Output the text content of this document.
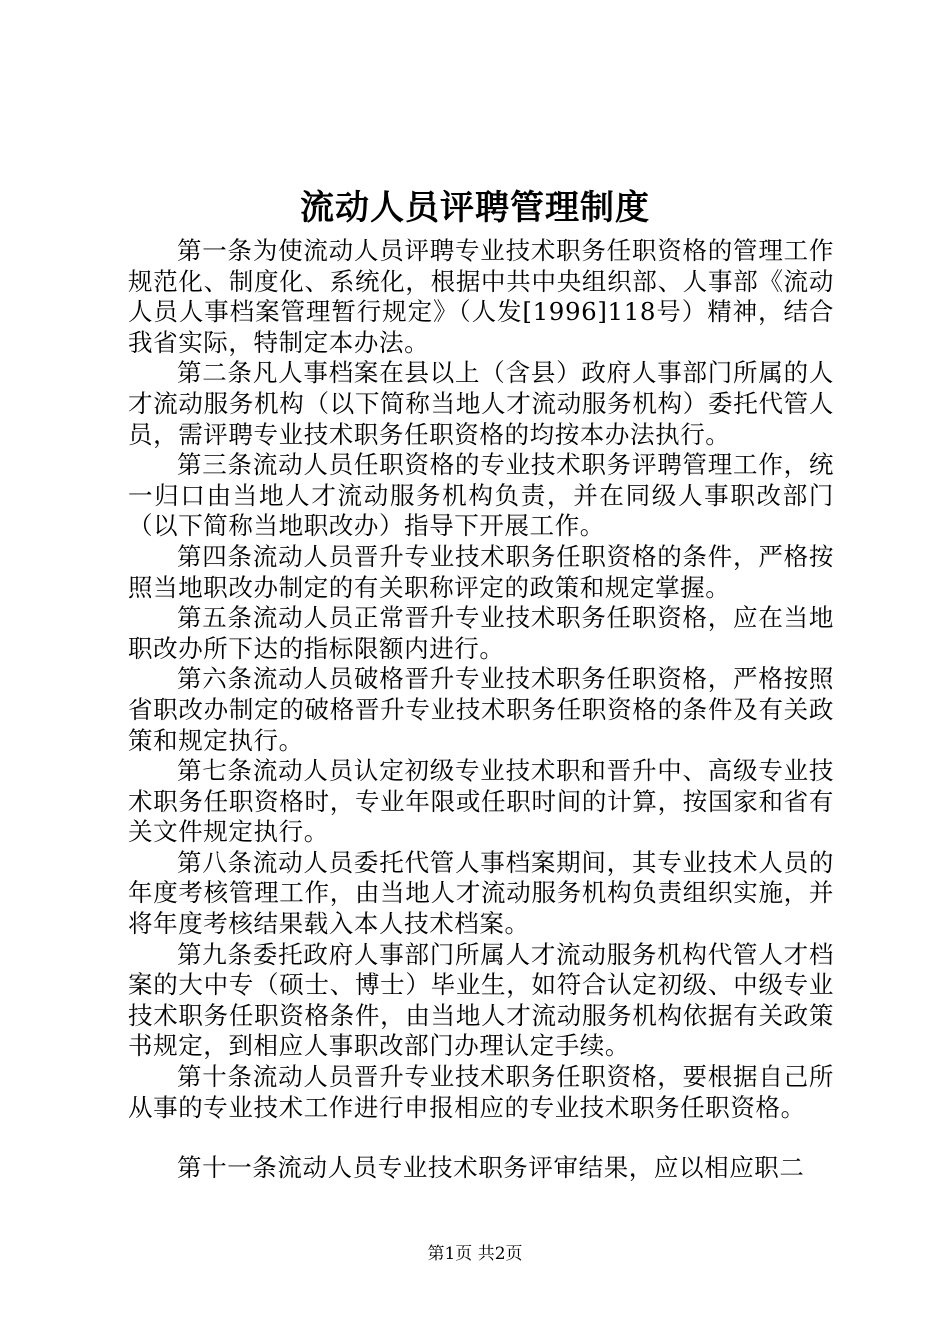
流动人员评聘管理制度

第一条为使流动人员评聘专业技术职务任职资格的管理工作规范化、制度化、系统化，根据中共中央组织部、人事部《流动人员人事档案管理暂行规定》（人发[1996]118号）精神，结合我省实际，特制定本办法。

第二条凡人事档案在县以上（含县）政府人事部门所属的人才流动服务机构（以下简称当地人才流动服务机构）委托代管人员，需评聘专业技术职务任职资格的均按本办法执行。

第三条流动人员任职资格的专业技术职务评聘管理工作，统一归口由当地人才流动服务机构负责，并在同级人事职改部门（以下简称当地职改办）指导下开展工作。

第四条流动人员晋升专业技术职务任职资格的条件，严格按照当地职改办制定的有关职称评定的政策和规定掌握。

第五条流动人员正常晋升专业技术职务任职资格，应在当地职改办所下达的指标限额内进行。

第六条流动人员破格晋升专业技术职务任职资格，严格按照省职改办制定的破格晋升专业技术职务任职资格的条件及有关政策和规定执行。

第七条流动人员认定初级专业技术职和晋升中、高级专业技术职务任职资格时，专业年限或任职时间的计算，按国家和省有关文件规定执行。

第八条流动人员委托代管人事档案期间，其专业技术人员的年度考核管理工作，由当地人才流动服务机构负责组织实施，并将年度考核结果载入本人技术档案。

第九条委托政府人事部门所属人才流动服务机构代管人才档案的大中专（硕士、博士）毕业生，如符合认定初级、中级专业技术职务任职资格条件，由当地人才流动服务机构依据有关政策书规定，到相应人事职改部门办理认定手续。

第十条流动人员晋升专业技术职务任职资格，要根据自己所从事的专业技术工作进行申报相应的专业技术职务任职资格。

第十一条流动人员专业技术职务评审结果，应以相应职二

第1页 共2页
